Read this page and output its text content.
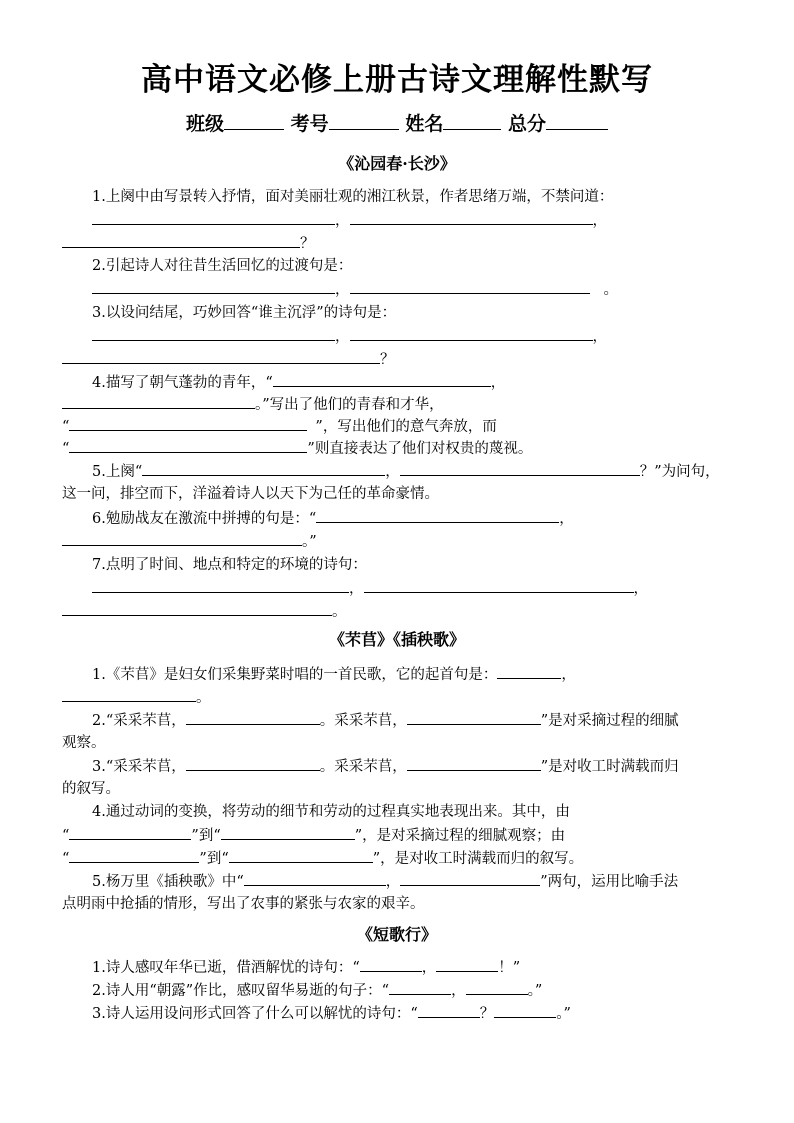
高中语文必修上册古诗文理解性默写
班级	考号	姓名	总分
《沁园春·长沙》
1.上阕中由写景转入抒情，面对美丽壮观的湘江秋景，作者思绪万端，不禁问道：
，	，
？
2.引起诗人对往昔生活回忆的过渡句是：
，	。
3.以设问结尾，巧妙回答“谁主沉浮”的诗句是：
，	，
？
4.描写了朝气蓬勃的青年，“	，
。”写出了他们的青春和才华，
“	”，写出他们的意气奔放，而
“	”则直接表达了他们对权贵的蔑视。
5.上阕“	，	？”为问句，
这一问，排空而下，洋溢着诗人以天下为己任的革命豪情。
6.勉励战友在激流中拼搏的句是：“	，
。”
7.点明了时间、地点和特定的环境的诗句：
，	，
。
《芣苢》《插秧歌》
1.《芣苢》是妇女们采集野菜时唱的一首民歌，它的起首句是：	，
。
2.“采采芣苢，	。采采芣苢，	”是对采摘过程的细腻
观察。
3.“采采芣苢，	。采采芣苢，	”是对收工时满载而归
的叙写。
4.通过动词的变换，将劳动的细节和劳动的过程真实地表现出来。其中，由
“	”到“	”，是对采摘过程的细腻观察；由
“	”到“	”，是对收工时满载而归的叙写。
5.杨万里《插秧歌》中“	，	”两句，运用比喻手法
点明雨中抢插的情形，写出了农事的紧张与农家的艰辛。
《短歌行》
1.诗人感叹年华已逝，借酒解忧的诗句：“	，	！”
2.诗人用“朝露”作比，感叹留华易逝的句子：“	，	。”
3.诗人运用设问形式回答了什么可以解忧的诗句：“	？	。”
